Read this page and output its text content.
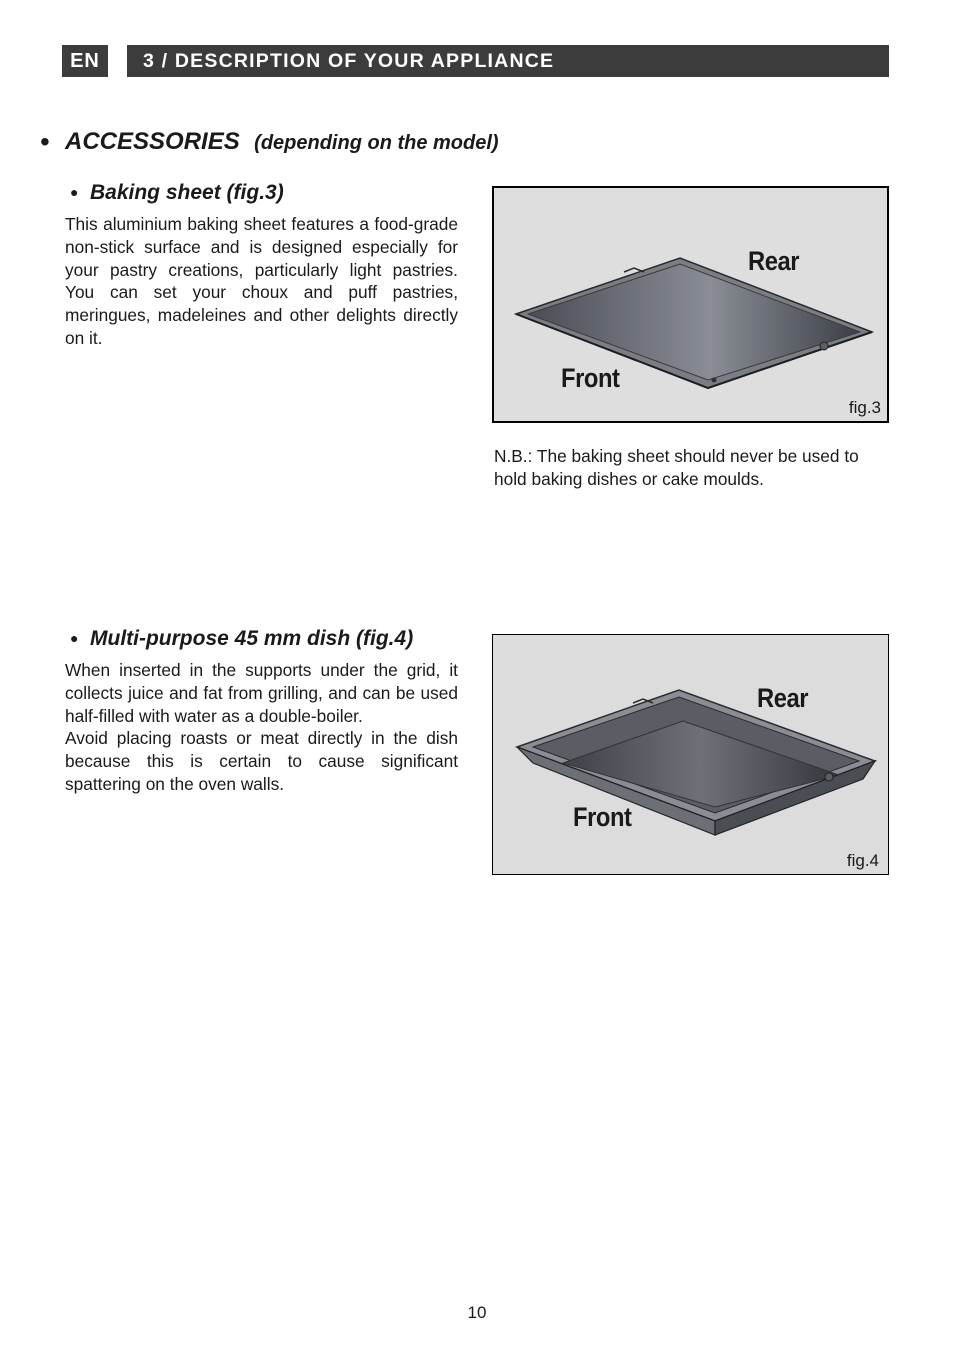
EN	3 / DESCRIPTION OF YOUR APPLIANCE
• ACCESSORIES (depending on the model)
● Baking sheet (fig.3)

This aluminium baking sheet features a food-grade non-stick surface and is designed especially for your pastry creations, particularly light pastries. You can set your choux and puff pastries, meringues, madeleines and other delights directly on it.

Rear
Front
fig.3
N.B.: The baking sheet should never be used to hold baking dishes or cake moulds.
● Multi-purpose 45 mm dish (fig.4)

When inserted in the supports under the grid, it collects juice and fat from grilling, and can be used half-filled with water as a double-boiler.

Avoid placing roasts or meat directly in the dish because this is certain to cause significant spattering on the oven walls.

Rear
Front
fig.4
10
